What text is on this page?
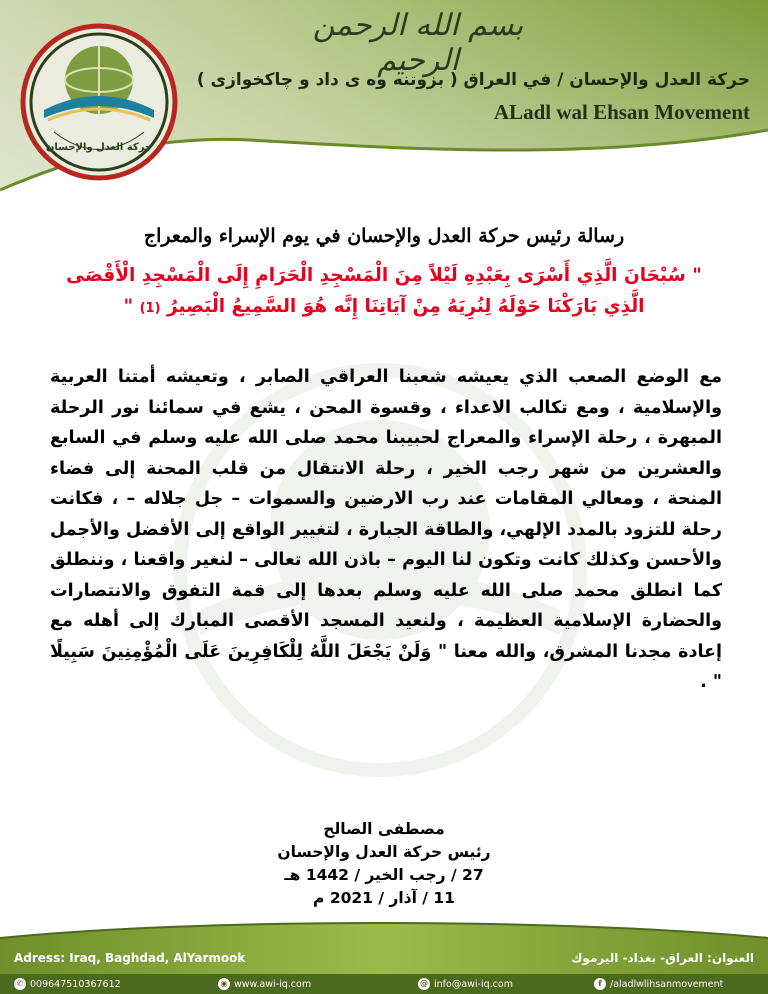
حركة العدل والإحسان
بسم الله الرحمن الرحيم
حركة العدل والإحسان / في العراق ( بزوتنه وه ى داد و چاكخوازى )
ALadl wal Ehsan Movement
رسالة رئيس حركة العدل والإحسان في يوم الإسراء والمعراج
" سُبْحَانَ الَّذِي أَسْرَى بِعَبْدِهِ لَيْلاً مِنَ الْمَسْجِدِ الْحَرَامِ إِلَى الْمَسْجِدِ الْأَقْصَى
الَّذِي بَارَكْنَا حَوْلَهُ لِنُرِيَهُ مِنْ آيَاتِنَا إِنَّه هُوَ السَّمِيعُ الْبَصِيرُ (1) "
مع الوضع الصعب الذي يعيشه شعبنا العراقي الصابر ، وتعيشه أمتنا العربية والإسلامية ، ومع تكالب الاعداء ، وقسوة المحن ، يشع في سمائنا نور الرحلة المبهرة ، رحلة الإسراء والمعراج لحبيبنا محمد صلى الله عليه وسلم في السابع والعشرين من شهر رجب الخير ، رحلة الانتقال من قلب المحنة إلى فضاء المنحة ، ومعالي المقامات عند رب الارضين والسموات – جل جلاله – ، فكانت رحلة للتزود بالمدد الإلهي، والطاقة الجبارة ، لتغيير الواقع إلى الأفضل والأجمل والأحسن وكذلك كانت وتكون لنا اليوم – باذن الله تعالى – لنغير واقعنا ، وننطلق كما انطلق محمد صلى الله عليه وسلم بعدها إلى قمة التفوق والانتصارات والحضارة الإسلامية العظيمة ، ولنعيد المسجد الأقصى المبارك إلى أهله مع إعادة مجدنا المشرق، والله معنا " وَلَنْ يَجْعَلَ اللَّهُ لِلْكَافِرِينَ عَلَى الْمُؤْمِنِينَ سَبِيلًا " .
مصطفى الصالح
رئيس حركة العدل والإحسان
27 / رجب الخير / 1442 هـ
11 / آذار / 2021 م
Adress: Iraq, Baghdad, AlYarmook	العنوان: العراق- بغداد- اليرموك
✆ 009647510367612	◉ www.awi-iq.com	@ info@awi-iq.com	f /aladlwlihsanmovement
